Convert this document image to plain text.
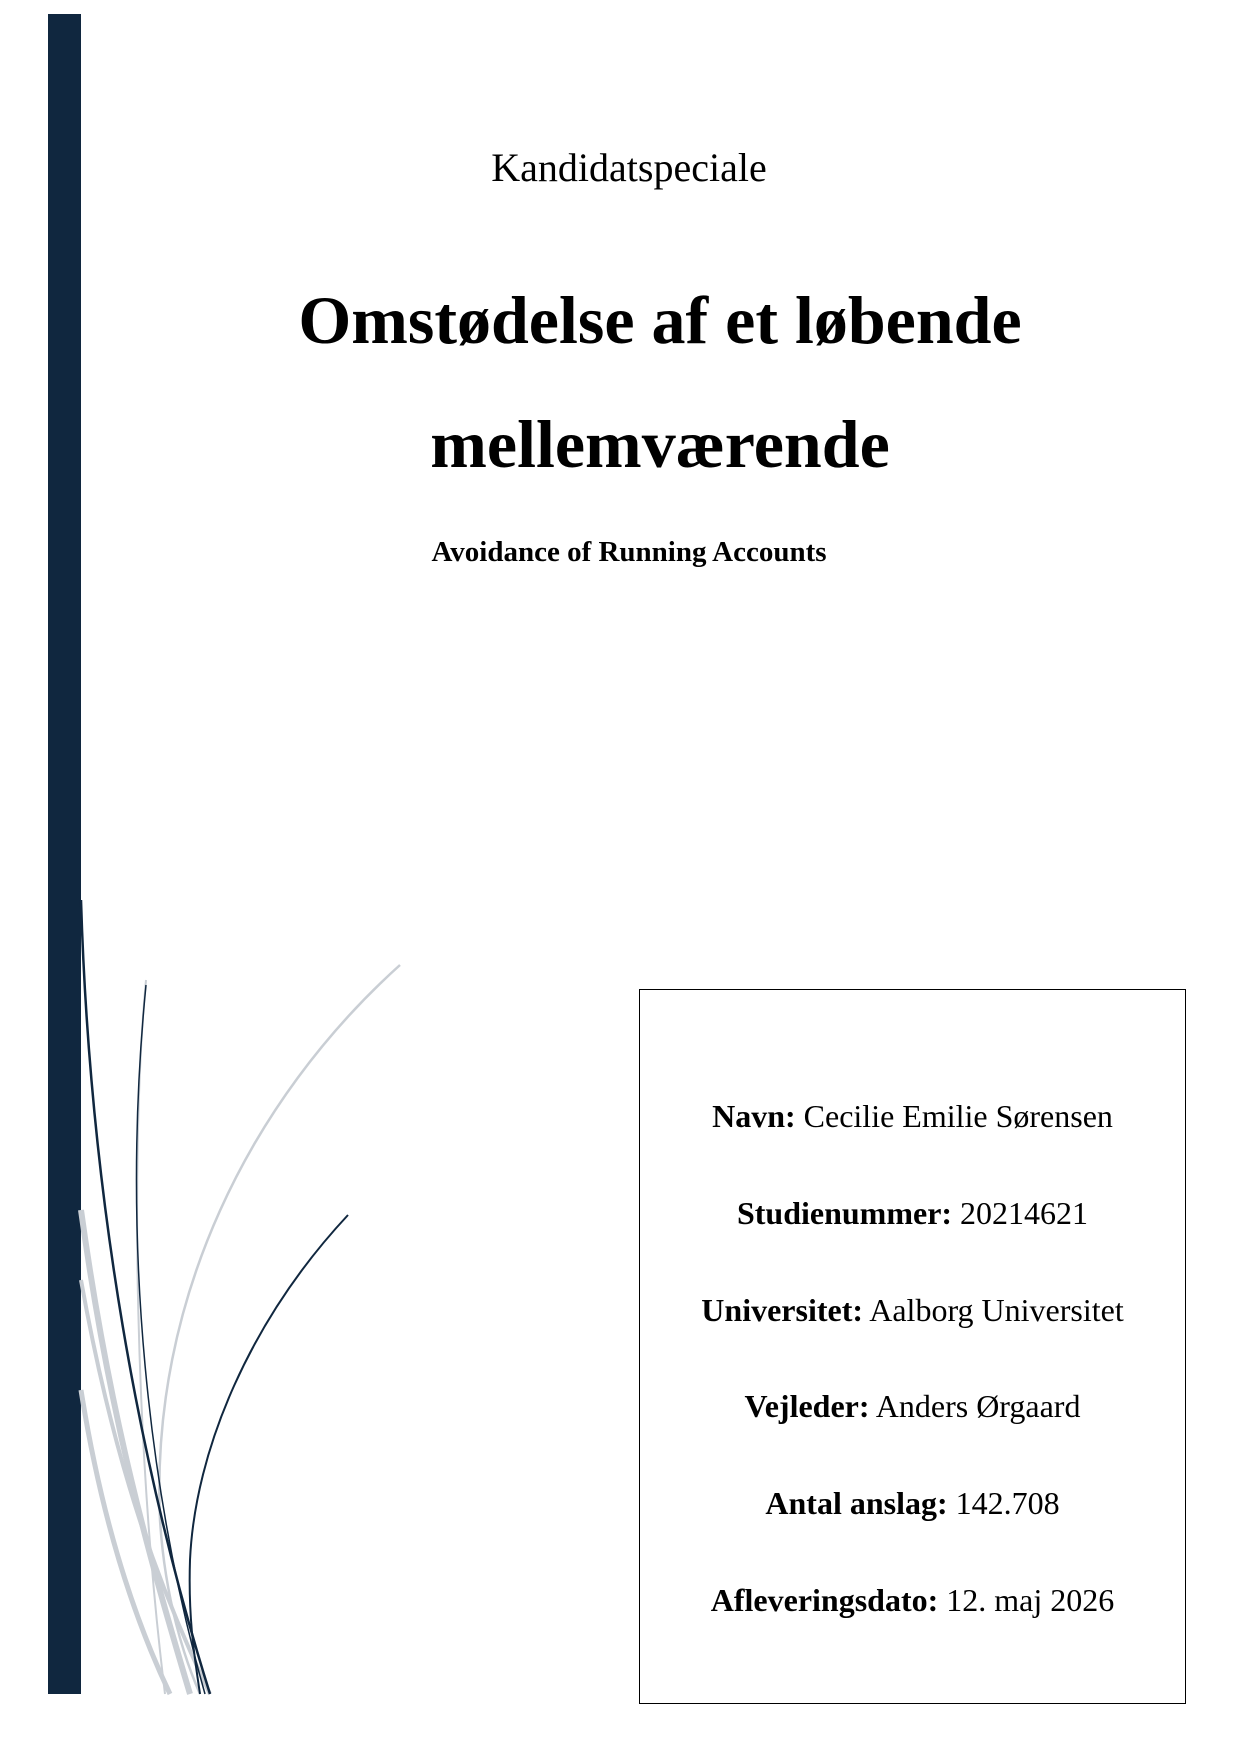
Kandidatspeciale
Omstødelse af et løbende mellemværende
Avoidance of Running Accounts
Navn: Cecilie Emilie Sørensen
Studienummer: 20214621
Universitet: Aalborg Universitet
Vejleder: Anders Ørgaard
Antal anslag: 142.708
Afleveringsdato: 12. maj 2026
